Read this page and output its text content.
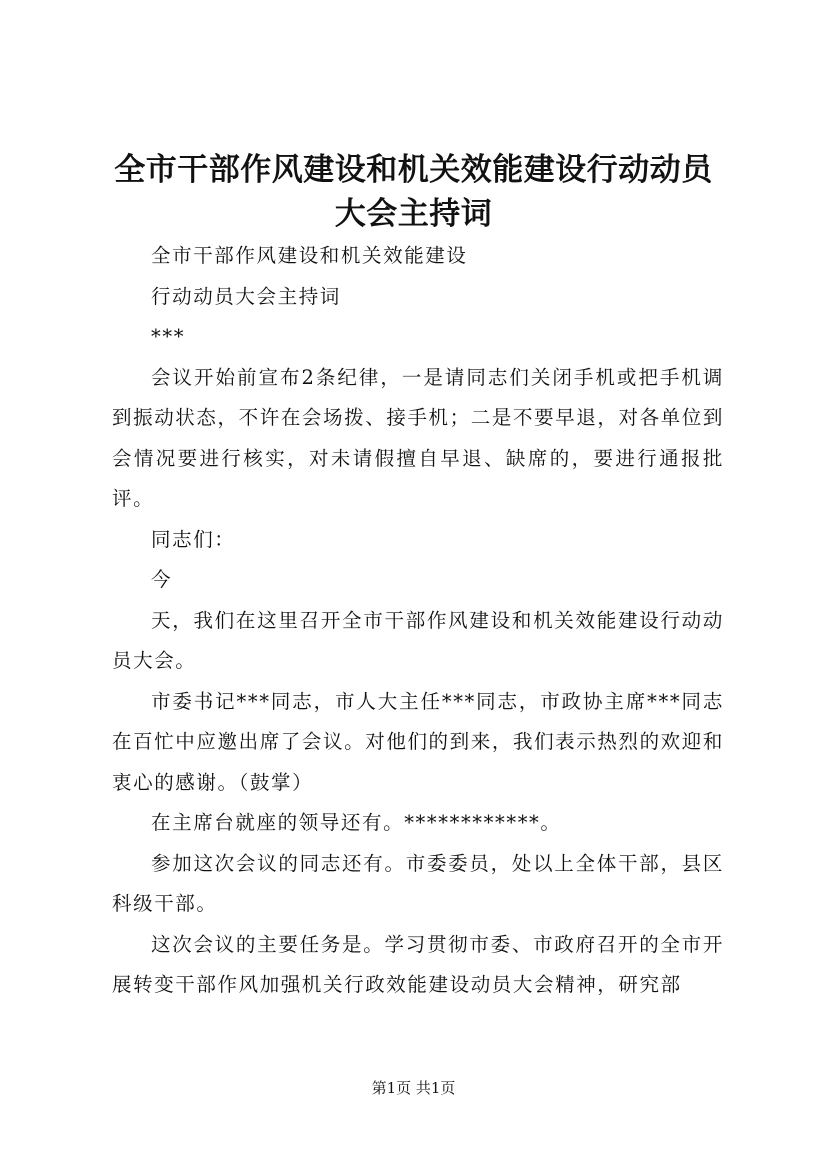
全市干部作风建设和机关效能建设行动动员大会主持词

全市干部作风建设和机关效能建设

行动动员大会主持词

***

会议开始前宣布2条纪律，一是请同志们关闭手机或把手机调到振动状态，不许在会场拨、接手机；二是不要早退，对各单位到会情况要进行核实，对未请假擅自早退、缺席的，要进行通报批评。

同志们：

今

天，我们在这里召开全市干部作风建设和机关效能建设行动动员大会。

市委书记***同志，市人大主任***同志，市政协主席***同志在百忙中应邀出席了会议。对他们的到来，我们表示热烈的欢迎和衷心的感谢。（鼓掌）

在主席台就座的领导还有。************。

参加这次会议的同志还有。市委委员，处以上全体干部，县区科级干部。

这次会议的主要任务是。学习贯彻市委、市政府召开的全市开展转变干部作风加强机关行政效能建设动员大会精神，研究部

第1页 共1页
